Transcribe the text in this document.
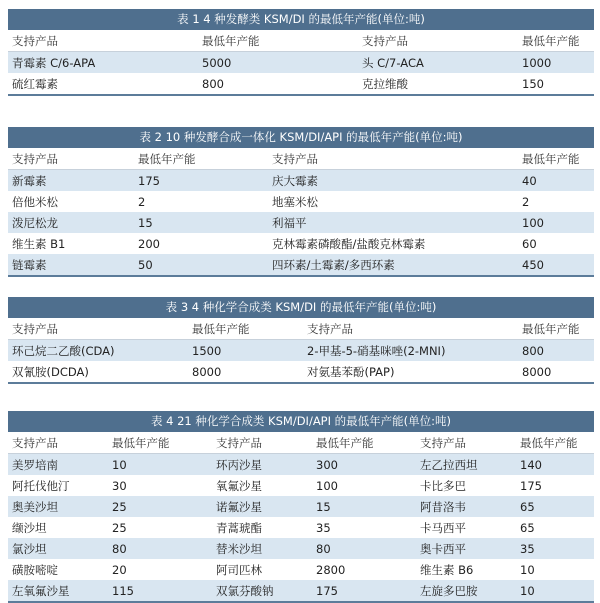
表 1 4 种发酵类 KSM/DI 的最低年产能(单位:吨)
支持产品	最低年产能	支持产品	最低年产能
青霉素 C/6-APA	5000	头 C/7-ACA	1000
硫红霉素	800	克拉维酸	150
表 2 10 种发酵合成一体化 KSM/DI/API 的最低年产能(单位:吨)
支持产品	最低年产能	支持产品	最低年产能
新霉素	175	庆大霉素	40
倍他米松	2	地塞米松	2
泼尼松龙	15	利福平	100
维生素 B1	200	克林霉素磷酸酯/盐酸克林霉素	60
链霉素	50	四环素/土霉素/多西环素	450
表 3 4 种化学合成类 KSM/DI 的最低年产能(单位:吨)
支持产品	最低年产能	支持产品	最低年产能
环己烷二乙酸(CDA)	1500	2-甲基-5-硝基咪唑(2-MNI)	800
双氰胺(DCDA)	8000	对氨基苯酚(PAP)	8000
表 4 21 种化学合成类 KSM/DI/API 的最低年产能(单位:吨)
支持产品	最低年产能	支持产品	最低年产能	支持产品	最低年产能
美罗培南	10	环丙沙星	300	左乙拉西坦	140
阿托伐他汀	30	氧氟沙星	100	卡比多巴	175
奥美沙坦	25	诺氟沙星	15	阿昔洛韦	65
缬沙坦	25	青蒿琥酯	35	卡马西平	65
氯沙坦	80	替米沙坦	80	奥卡西平	35
磺胺嘧啶	20	阿司匹林	2800	维生素 B6	10
左氧氟沙星	115	双氯芬酸钠	175	左旋多巴胺	10
